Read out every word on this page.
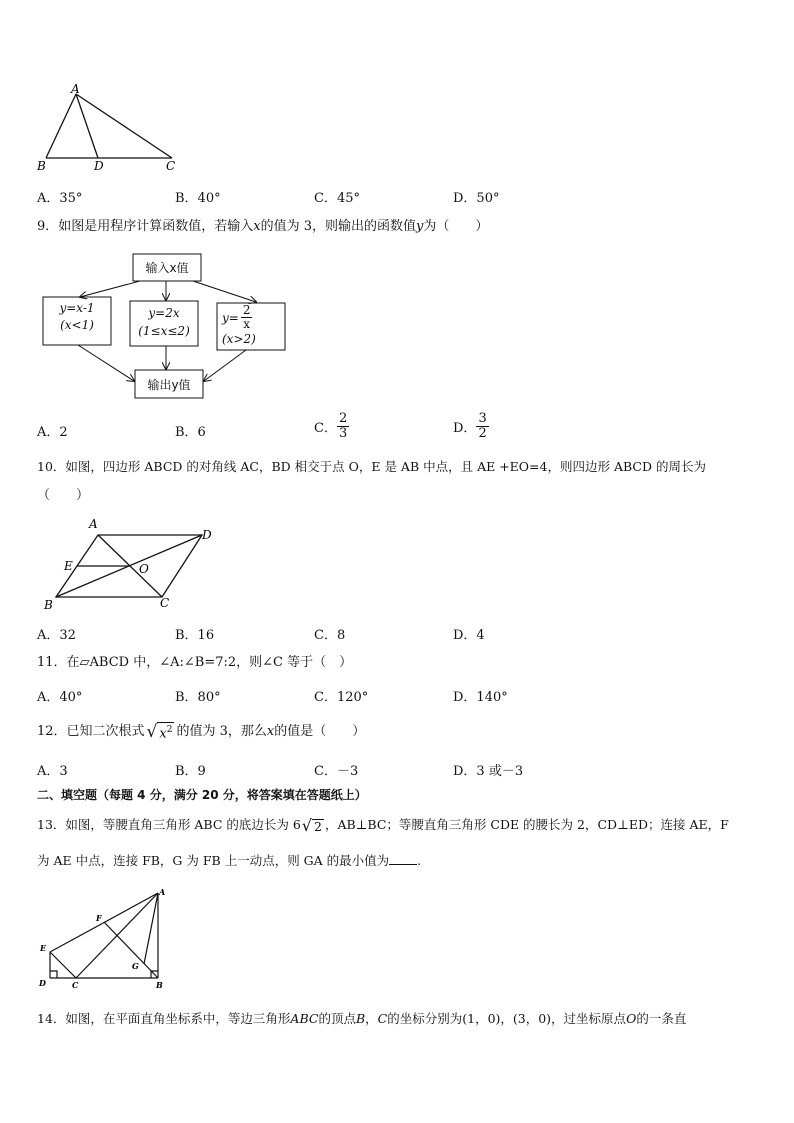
A
B	D	C
A．35°	B．40°	C．45°	D．50°
9．如图是用程序计算函数值，若输入x的值为 3，则输出的函数值y为（　　）
输入x值
y=x-1
(x<1)
y=2x
(1≤x≤2)
$y= \frac{2}{x}$
(x>2)
输出y值
A．2	B．6	C． $\frac{2}{3}$	D． $\frac{3}{2}$
10．如图，四边形 ABCD 的对角线 AC，BD 相交于点 O，E 是 AB 中点，且 AE +EO=4，则四边形 ABCD 的周长为
（　　）
A
D
E	O
B	C
A．32	B．16	C．8	D．4
11．在▱ABCD 中，∠A:∠B=7:2，则∠C 等于（　）
A．40°	B．80°	C．120°	D．140°
12．已知二次根式 √ $x^2$ 的值为 3，那么 x 的值是（　　）
A．3	B．9	C．－3	D．3 或－3
二、填空题（每题 4 分，满分 20 分，将答案填在答题纸上）
13．如图，等腰直角三角形 ABC 的底边长为 6 √ 2 ，AB⊥BC；等腰直角三角形 CDE 的腰长为 2，CD⊥ED；连接 AE，F
为 AE 中点，连接 FB，G 为 FB 上一动点，则 GA 的最小值为 .
A
F
E
G
D	C	B
14．如图，在平面直角坐标系中，等边三角形ABC的顶点B，C的坐标分别为(1，0)，(3，0)，过坐标原点O的一条直
